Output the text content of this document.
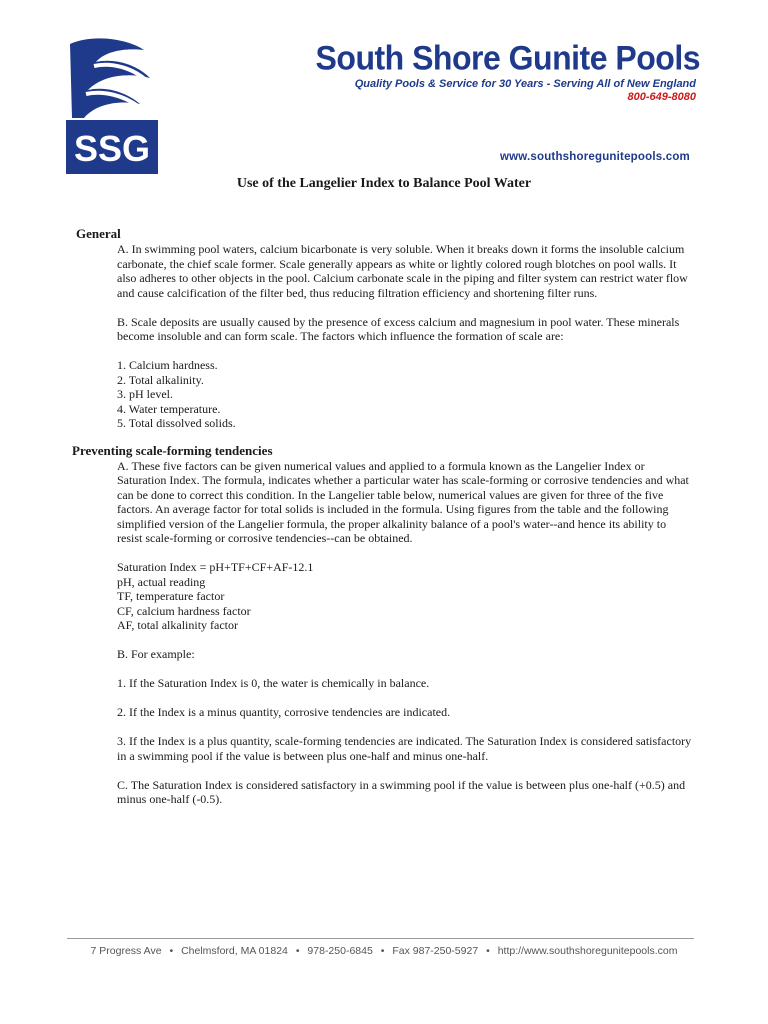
SSG
South Shore Gunite Pools
Quality Pools & Service for 30 Years - Serving All of New England
800-649-8080
www.southshoregunitepools.com
Use of the Langelier Index to Balance Pool Water

General

A. In swimming pool waters, calcium bicarbonate is very soluble. When it breaks down it forms the insoluble calcium carbonate, the chief scale former. Scale generally appears as white or lightly colored rough blotches on pool walls. It also adheres to other objects in the pool. Calcium carbonate scale in the piping and filter system can restrict water flow and cause calcification of the filter bed, thus reducing filtration efficiency and shortening filter runs.

B. Scale deposits are usually caused by the presence of excess calcium and magnesium in pool water. These minerals become insoluble and can form scale. The factors which influence the formation of scale are:

1. Calcium hardness.

2. Total alkalinity.

3. pH level.

4. Water temperature.

5. Total dissolved solids.

Preventing scale-forming tendencies

A. These five factors can be given numerical values and applied to a formula known as the Langelier Index or Saturation Index. The formula, indicates whether a particular water has scale-forming or corrosive tendencies and what can be done to correct this condition. In the Langelier table below, numerical values are given for three of the five factors. An average factor for total solids is included in the formula. Using figures from the table and the following simplified version of the Langelier formula, the proper alkalinity balance of a pool's water--and hence its ability to resist scale-forming or corrosive tendencies--can be obtained.

Saturation Index = pH+TF+CF+AF-12.1

pH, actual reading

TF, temperature factor

CF, calcium hardness factor

AF, total alkalinity factor

B. For example:

1. If the Saturation Index is 0, the water is chemically in balance.

2. If the Index is a minus quantity, corrosive tendencies are indicated.

3. If the Index is a plus quantity, scale-forming tendencies are indicated. The Saturation Index is considered satisfactory in a swimming pool if the value is between plus one-half and minus one-half.

C. The Saturation Index is considered satisfactory in a swimming pool if the value is between plus one-half (+0.5) and minus one-half (-0.5).

7 Progress Ave • Chelmsford, MA 01824 • 978-250-6845 • Fax 987-250-5927 • http://www.southshoregunitepools.com
